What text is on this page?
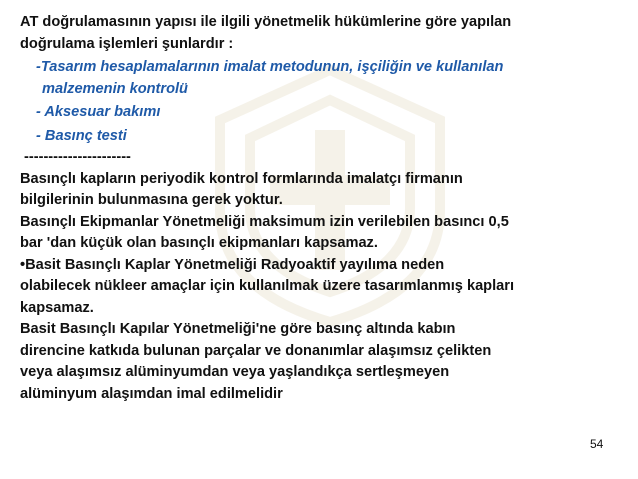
AT doğrulamasının yapısı ile ilgili yönetmelik hükümlerine göre yapılan
doğrulama işlemleri şunlardır :
-Tasarım hesaplamalarının imalat metodunun, işçiliğin ve kullanılan
malzemenin kontrolü
- Aksesuar bakımı
- Basınç testi
----------------------
Basınçlı kapların periyodik kontrol formlarında imalatçı firmanın
bilgilerinin bulunmasına gerek yoktur.
Basınçlı Ekipmanlar Yönetmeliği maksimum izin verilebilen basıncı 0,5
bar 'dan küçük olan basınçlı ekipmanları kapsamaz.
•Basit Basınçlı Kaplar Yönetmeliği Radyoaktif yayılıma neden
olabilecek nükleer amaçlar için kullanılmak üzere tasarımlanmış kapları
kapsamaz.
Basit Basınçlı Kapılar Yönetmeliği'ne göre basınç altında kabın
direncine katkıda bulunan parçalar ve donanımlar alaşımsız çelikten
veya alaşımsız alüminyumdan veya yaşlandıkça sertleşmeyen
alüminyum alaşımdan imal edilmelidir
54
